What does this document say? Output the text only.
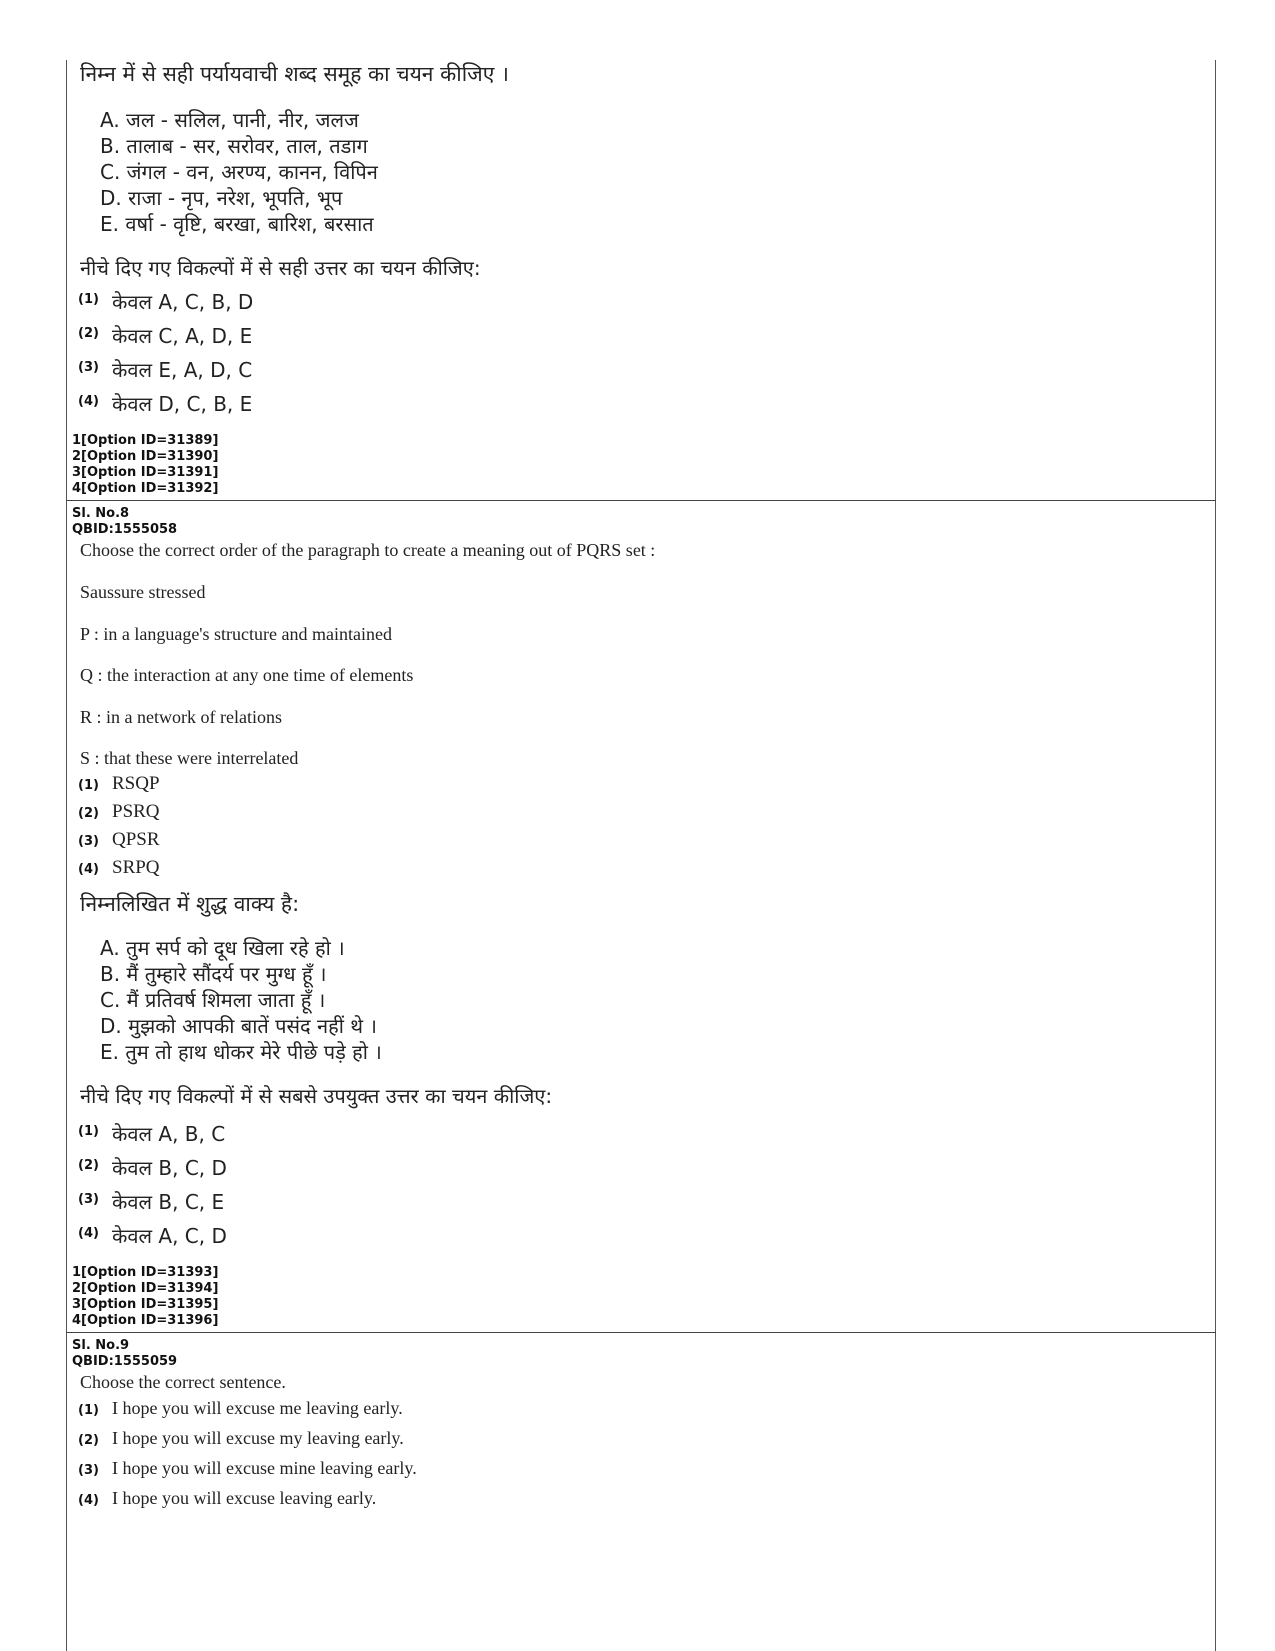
निम्न में से सही पर्यायवाची शब्द समूह का चयन कीजिए ।
A. जल - सलिल, पानी, नीर, जलज
B. तालाब - सर, सरोवर, ताल, तडाग
C. जंगल - वन, अरण्य, कानन, विपिन
D. राजा - नृप, नरेश, भूपति, भूप
E. वर्षा - वृष्टि, बरखा, बारिश, बरसात
नीचे दिए गए विकल्पों में से सही उत्तर का चयन कीजिए:
(1) केवल A, C, B, D
(2) केवल C, A, D, E
(3) केवल E, A, D, C
(4) केवल D, C, B, E
1[Option ID=31389]
2[Option ID=31390]
3[Option ID=31391]
4[Option ID=31392]
Sl. No.8
QBID:1555058
Choose the correct order of the paragraph to create a meaning out of PQRS set :
Saussure stressed
P : in a language's structure and maintained
Q : the interaction at any one time of elements
R : in a network of relations
S : that these were interrelated
(1) RSQP
(2) PSRQ
(3) QPSR
(4) SRPQ
निम्नलिखित में शुद्ध वाक्य है:
A. तुम सर्प को दूध खिला रहे हो ।
B. मैं तुम्हारे सौंदर्य पर मुग्ध हूँ ।
C. मैं प्रतिवर्ष शिमला जाता हूँ ।
D. मुझको आपकी बातें पसंद नहीं थे ।
E. तुम तो हाथ धोकर मेरे पीछे पड़े हो ।
नीचे दिए गए विकल्पों में से सबसे उपयुक्त उत्तर का चयन कीजिए:
(1) केवल A, B, C
(2) केवल B, C, D
(3) केवल B, C, E
(4) केवल A, C, D
1[Option ID=31393]
2[Option ID=31394]
3[Option ID=31395]
4[Option ID=31396]
Sl. No.9
QBID:1555059
Choose the correct sentence.
(1) I hope you will excuse me leaving early.
(2) I hope you will excuse my leaving early.
(3) I hope you will excuse mine leaving early.
(4) I hope you will excuse leaving early.
